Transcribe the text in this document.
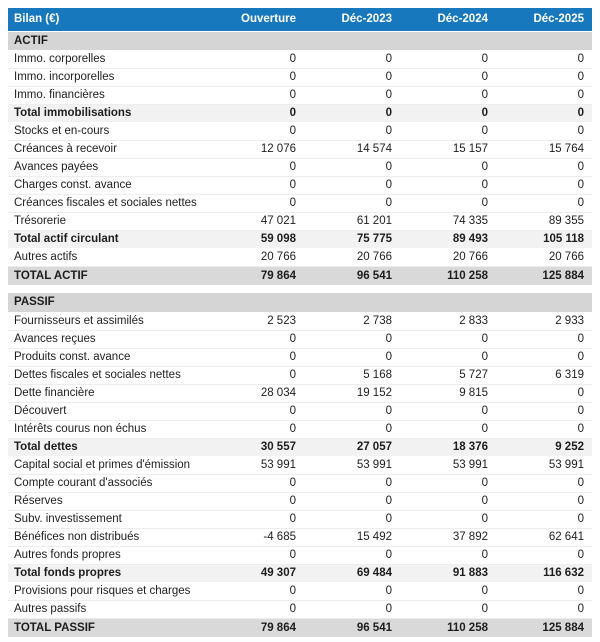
Bilan (€)	Ouverture	Déc-2023	Déc-2024	Déc-2025
ACTIF				
Immo. corporelles	0	0	0	0
Immo. incorporelles	0	0	0	0
Immo. financières	0	0	0	0
Total immobilisations	0	0	0	0
Stocks et en-cours	0	0	0	0
Créances à recevoir	12 076	14 574	15 157	15 764
Avances payées	0	0	0	0
Charges const. avance	0	0	0	0
Créances fiscales et sociales nettes	0	0	0	0
Trésorerie	47 021	61 201	74 335	89 355
Total actif circulant	59 098	75 775	89 493	105 118
Autres actifs	20 766	20 766	20 766	20 766
TOTAL ACTIF	79 864	96 541	110 258	125 884

PASSIF				
Fournisseurs et assimilés	2 523	2 738	2 833	2 933
Avances reçues	0	0	0	0
Produits const. avance	0	0	0	0
Dettes fiscales et sociales nettes	0	5 168	5 727	6 319
Dette financière	28 034	19 152	9 815	0
Découvert	0	0	0	0
Intérêts courus non échus	0	0	0	0
Total dettes	30 557	27 057	18 376	9 252
Capital social et primes d'émission	53 991	53 991	53 991	53 991
Compte courant d'associés	0	0	0	0
Réserves	0	0	0	0
Subv. investissement	0	0	0	0
Bénéfices non distribués	-4 685	15 492	37 892	62 641
Autres fonds propres	0	0	0	0
Total fonds propres	49 307	69 484	91 883	116 632
Provisions pour risques et charges	0	0	0	0
Autres passifs	0	0	0	0
TOTAL PASSIF	79 864	96 541	110 258	125 884
